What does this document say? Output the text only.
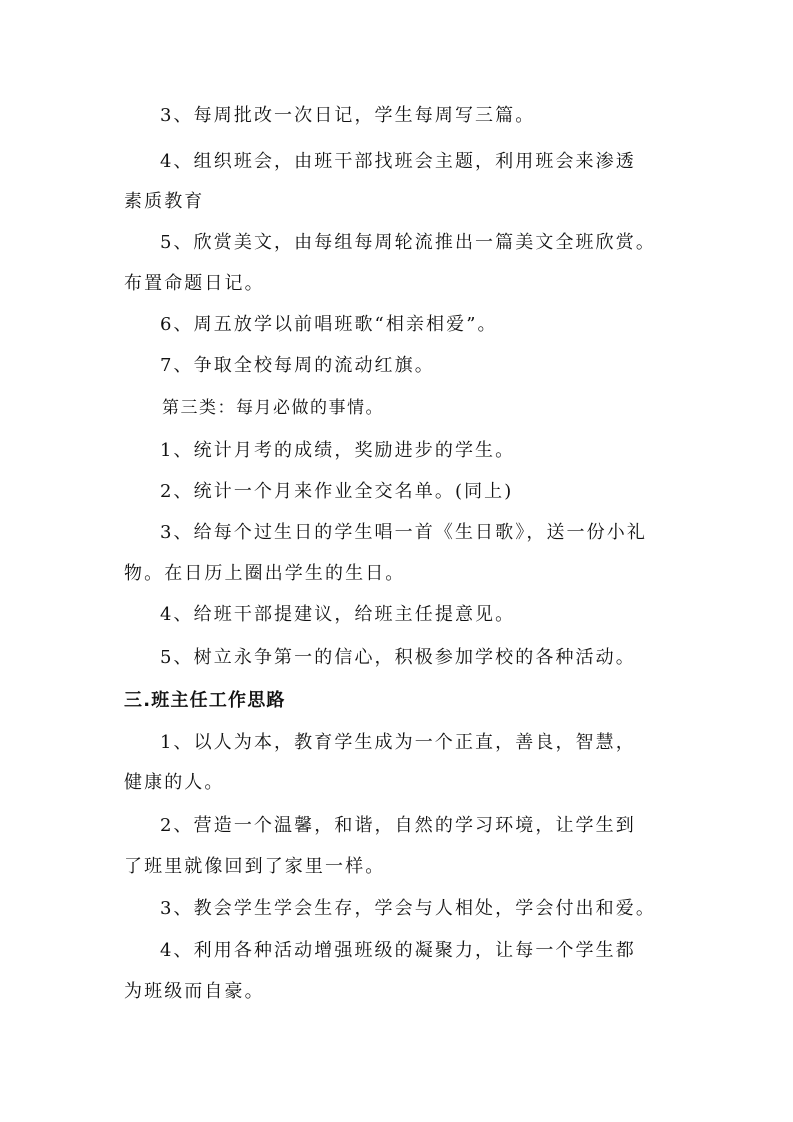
3、每周批改一次日记，学生每周写三篇。
4、组织班会，由班干部找班会主题，利用班会来渗透
素质教育
5、欣赏美文，由每组每周轮流推出一篇美文全班欣赏。
布置命题日记。
6、周五放学以前唱班歌“相亲相爱”。
7、争取全校每周的流动红旗。
第三类：每月必做的事情。
1、统计月考的成绩，奖励进步的学生。
2、统计一个月来作业全交名单。(同上)
3、给每个过生日的学生唱一首《生日歌》，送一份小礼
物。在日历上圈出学生的生日。
4、给班干部提建议，给班主任提意见。
5、树立永争第一的信心，积极参加学校的各种活动。
三.班主任工作思路
1、以人为本，教育学生成为一个正直，善良，智慧，
健康的人。
2、营造一个温馨，和谐，自然的学习环境，让学生到
了班里就像回到了家里一样。
3、教会学生学会生存，学会与人相处，学会付出和爱。
4、利用各种活动增强班级的凝聚力，让每一个学生都
为班级而自豪。
